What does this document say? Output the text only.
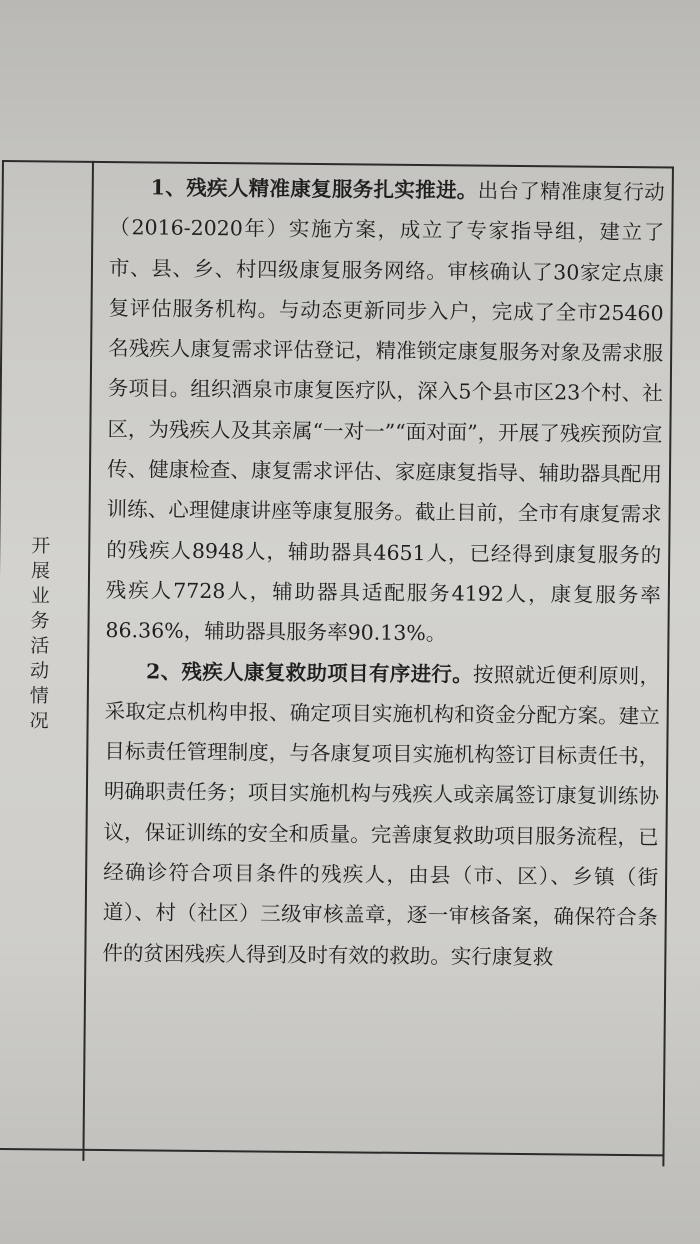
开展业务活动情况

1、残疾人精准康复服务扎实推进。出台了精准康复行动（2016-2020年）实施方案，成立了专家指导组，建立了市、县、乡、村四级康复服务网络。审核确认了30家定点康复评估服务机构。与动态更新同步入户，完成了全市25460名残疾人康复需求评估登记，精准锁定康复服务对象及需求服务项目。组织酒泉市康复医疗队，深入5个县市区23个村、社区，为残疾人及其亲属“一对一”“面对面”，开展了残疾预防宣传、健康检查、康复需求评估、家庭康复指导、辅助器具配用训练、心理健康讲座等康复服务。截止目前，全市有康复需求的残疾人8948人，辅助器具4651人，已经得到康复服务的残疾人7728人，辅助器具适配服务4192人，康复服务率86.36%，辅助器具服务率90.13%。

2、残疾人康复救助项目有序进行。按照就近便利原则，采取定点机构申报、确定项目实施机构和资金分配方案。建立目标责任管理制度，与各康复项目实施机构签订目标责任书，明确职责任务；项目实施机构与残疾人或亲属签订康复训练协议，保证训练的安全和质量。完善康复救助项目服务流程，已经确诊符合项目条件的残疾人，由县（市、区）、乡镇（街道）、村（社区）三级审核盖章，逐一审核备案，确保符合条件的贫困残疾人得到及时有效的救助。实行康复救
